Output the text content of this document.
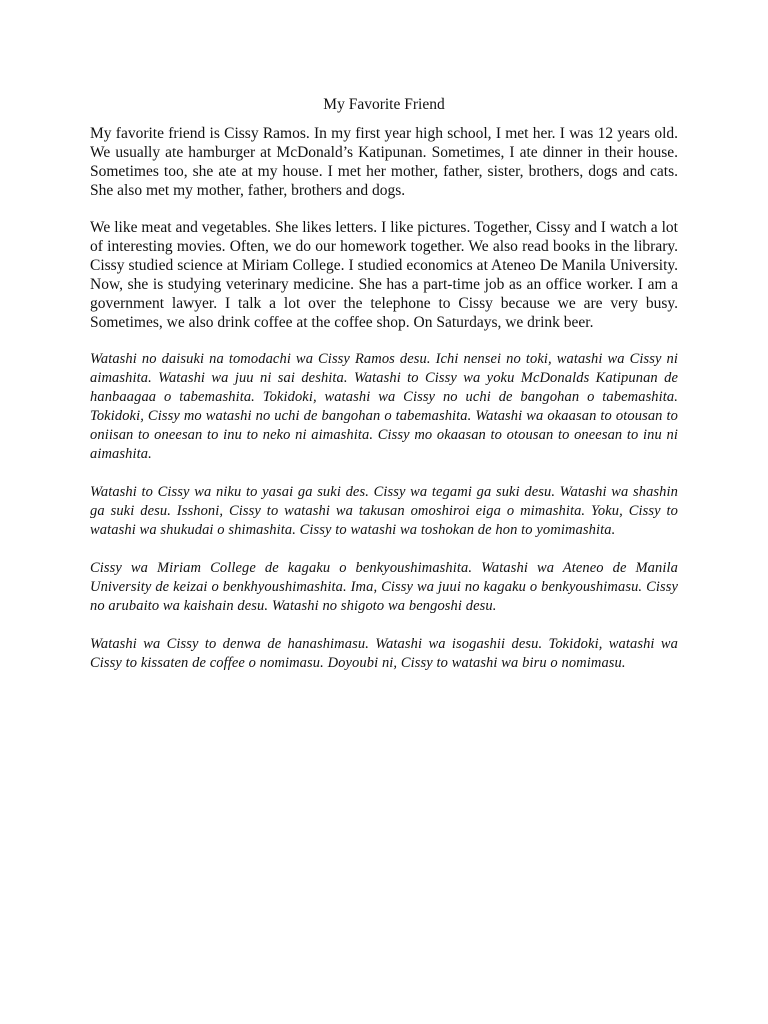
My Favorite Friend

My favorite friend is Cissy Ramos. In my first year high school, I met her. I was 12 years old. We usually ate hamburger at McDonald’s Katipunan. Sometimes, I ate dinner in their house. Sometimes too, she ate at my house. I met her mother, father, sister, brothers, dogs and cats. She also met my mother, father, brothers and dogs.

We like meat and vegetables. She likes letters. I like pictures. Together, Cissy and I watch a lot of interesting movies. Often, we do our homework together. We also read books in the library. Cissy studied science at Miriam College. I studied economics at Ateneo De Manila University. Now, she is studying veterinary medicine. She has a part-time job as an office worker. I am a government lawyer. I talk a lot over the telephone to Cissy because we are very busy. Sometimes, we also drink coffee at the coffee shop. On Saturdays, we drink beer.

Watashi no daisuki na tomodachi wa Cissy Ramos desu. Ichi nensei no toki, watashi wa Cissy ni aimashita. Watashi wa juu ni sai deshita. Watashi to Cissy wa yoku McDonalds Katipunan de hanbaagaa o tabemashita. Tokidoki, watashi wa Cissy no uchi de bangohan o tabemashita. Tokidoki, Cissy mo watashi no uchi de bangohan o tabemashita. Watashi wa okaasan to otousan to oniisan to oneesan to inu to neko ni aimashita. Cissy mo okaasan to otousan to oneesan to inu ni aimashita.

Watashi to Cissy wa niku to yasai ga suki des. Cissy wa tegami ga suki desu. Watashi wa shashin ga suki desu. Isshoni, Cissy to watashi wa takusan omoshiroi eiga o mimashita. Yoku, Cissy to watashi wa shukudai o shimashita. Cissy to watashi wa toshokan de hon to yomimashita.

Cissy wa Miriam College de kagaku o benkyoushimashita. Watashi wa Ateneo de Manila University de keizai o benkhyoushimashita. Ima, Cissy wa juui no kagaku o benkyoushimasu. Cissy no arubaito wa kaishain desu. Watashi no shigoto wa bengoshi desu.

Watashi wa Cissy to denwa de hanashimasu. Watashi wa isogashii desu. Tokidoki, watashi wa Cissy to kissaten de coffee o nomimasu. Doyoubi ni, Cissy to watashi wa biru o nomimasu.
